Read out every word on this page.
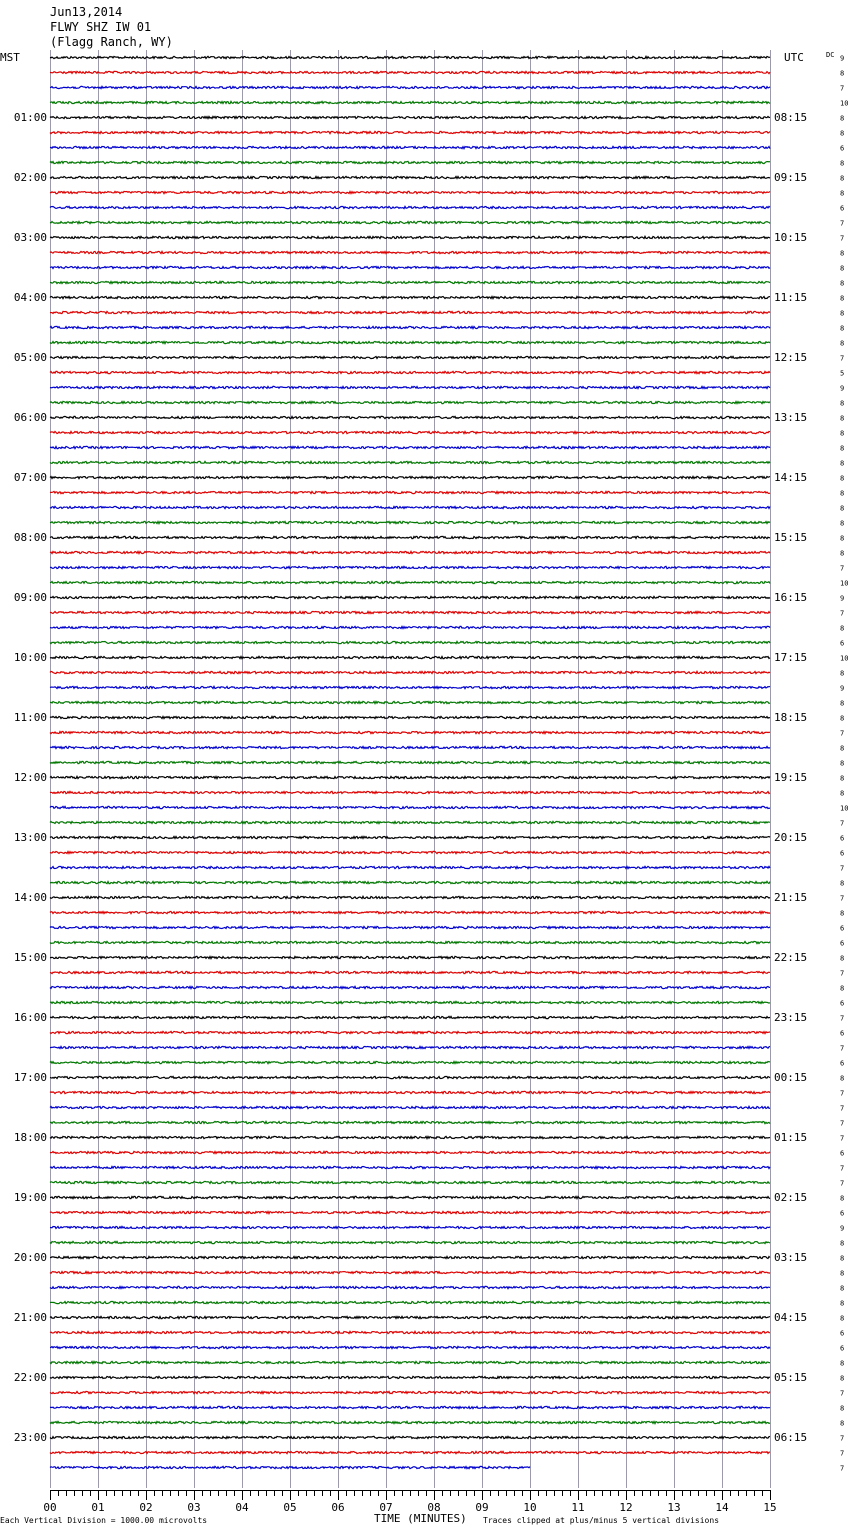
Jun13,2014
FLWY SHZ IW 01
(Flagg Ranch, WY)
MST	UTC	DC 9
8
7
10
8
8
6
8
8
8
6
7
7
8
8
8
8
8
8
8
7
5
9
8
8
8
8
8
8
8
8
8
8
8
7
10
9
7
8
6
10
8
9
8
8
7
8
8
8
8
10
7
6
6
7
8
7
8
6
6
8
7
8
6
7
6
7
6
8
7
7
7
7
6
7
7
8
6
9
8
8
8
8
8
8
6
6
8
8
7
8
8
7
7
7
01:00
02:00
03:00
04:00
05:00
06:00
07:00
08:00
09:00
10:00
11:00
12:00
13:00
14:00
15:00
16:00
17:00
18:00
19:00
20:00
21:00
22:00
23:00
08:15
09:15
10:15
11:15
12:15
13:15
14:15
15:15
16:15
17:15
18:15
19:15
20:15
21:15
22:15
23:15
00:15
01:15
02:15
03:15
04:15
05:15
06:15
00	01	02	03	04	05	06	07	08	09	10	11	12	13	14	15
Each Vertical Division = 1000.00 microvolts	TIME (MINUTES) Traces clipped at plus/minus 5 vertical divisions
